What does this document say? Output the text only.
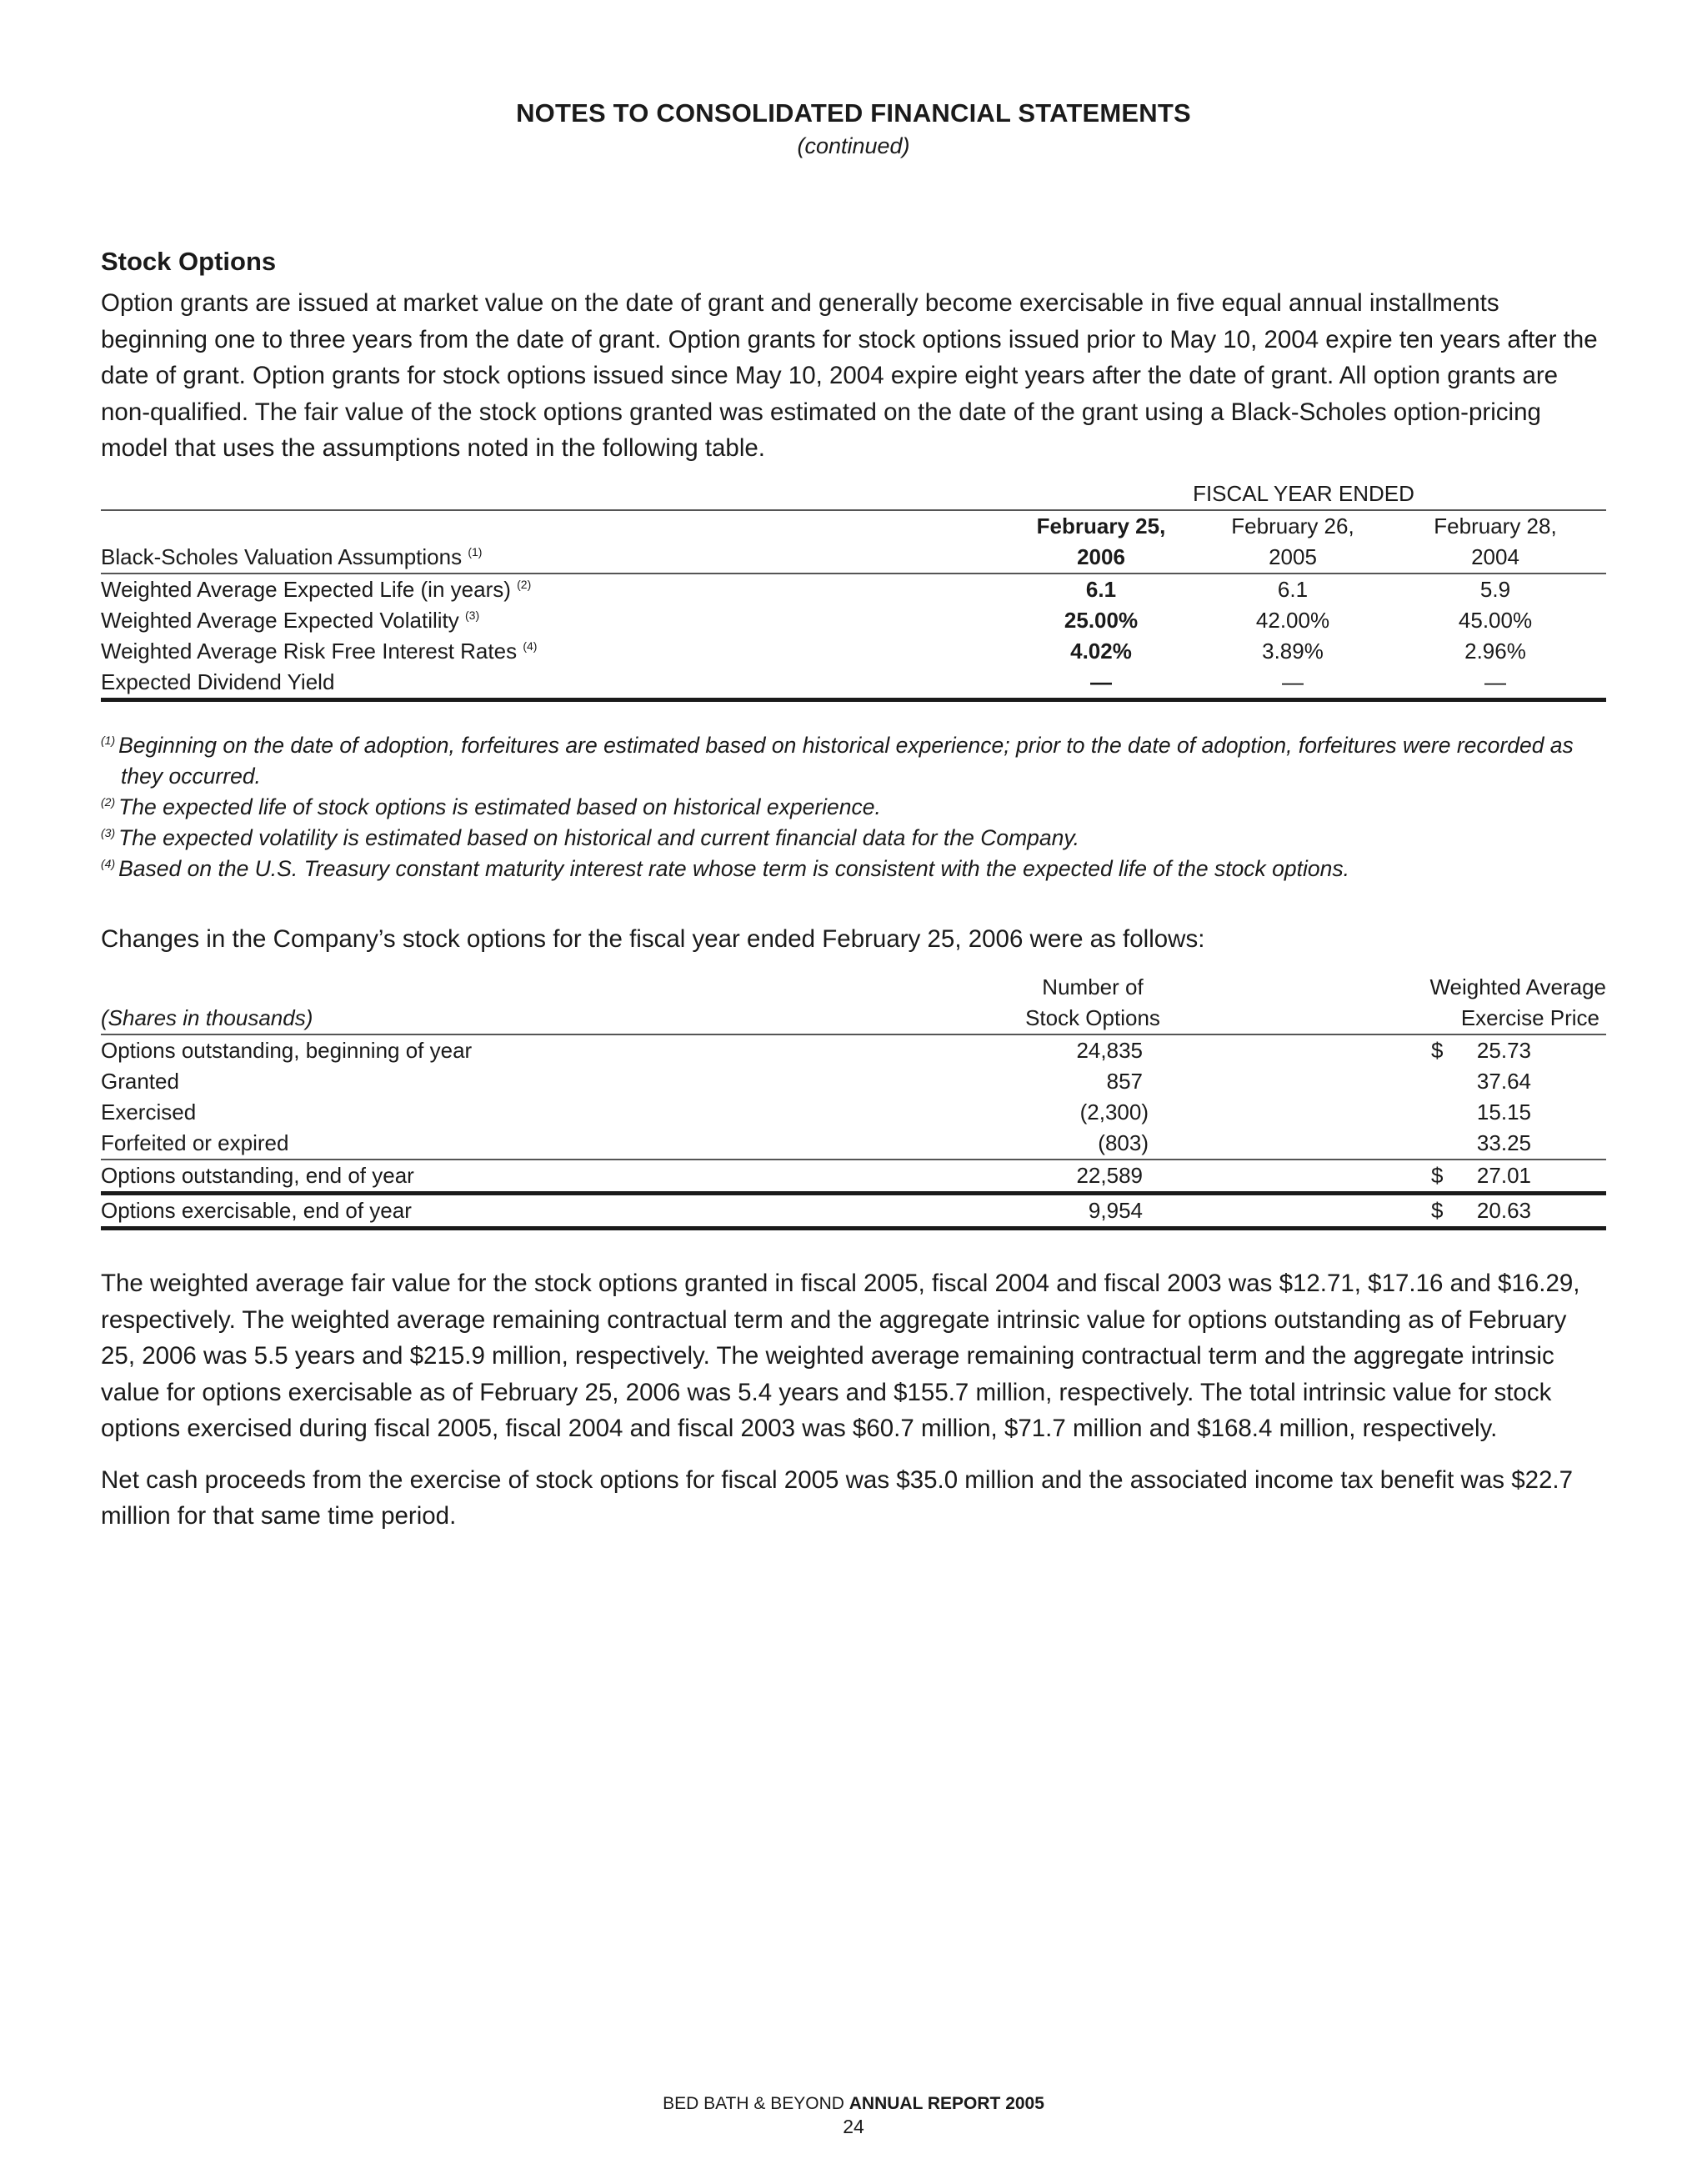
NOTES TO CONSOLIDATED FINANCIAL STATEMENTS
(continued)
Stock Options

Option grants are issued at market value on the date of grant and generally become exercisable in five equal annual installments beginning one to three years from the date of grant. Option grants for stock options issued prior to May 10, 2004 expire ten years after the date of grant. Option grants for stock options issued since May 10, 2004 expire eight years after the date of grant. All option grants are non-qualified. The fair value of the stock options granted was estimated on the date of the grant using a Black-Scholes option-pricing model that uses the assumptions noted in the following table.

	FISCAL YEAR ENDED		
	February 25,	February 26,	February 28,
Black-Scholes Valuation Assumptions $^{(1)}$	2006	2005	2004
Weighted Average Expected Life (in years) $^{(2)}$	6.1	6.1	5.9
Weighted Average Expected Volatility $^{(3)}$	25.00%	42.00%	45.00%
Weighted Average Risk Free Interest Rates $^{(4)}$	4.02%	3.89%	2.96%
Expected Dividend Yield	—	—	—
$^{(1)}$ Beginning on the date of adoption, forfeitures are estimated based on historical experience; prior to the date of adoption, forfeitures were recorded as they occurred.
$^{(2)}$ The expected life of stock options is estimated based on historical experience.
$^{(3)}$ The expected volatility is estimated based on historical and current financial data for the Company.
$^{(4)}$ Based on the U.S. Treasury constant maturity interest rate whose term is consistent with the expected life of the stock options.

Changes in the Company’s stock options for the fiscal year ended February 25, 2006 were as follows:

	Number of	Weighted Average
(Shares in thousands)	Stock Options	Exercise Price
Options outstanding, beginning of year	24,835	$ 25.73
Granted	857	37.64
Exercised	(2,300)	15.15
Forfeited or expired	(803)	33.25
Options outstanding, end of year	22,589	$ 27.01
Options exercisable, end of year	9,954	$ 20.63

The weighted average fair value for the stock options granted in fiscal 2005, fiscal 2004 and fiscal 2003 was $12.71, $17.16 and $16.29, respectively. The weighted average remaining contractual term and the aggregate intrinsic value for options outstanding as of February 25, 2006 was 5.5 years and $215.9 million, respectively. The weighted average remaining contractual term and the aggregate intrinsic value for options exercisable as of February 25, 2006 was 5.4 years and $155.7 million, respectively. The total intrinsic value for stock options exercised during fiscal 2005, fiscal 2004 and fiscal 2003 was $60.7 million, $71.7 million and $168.4 million, respectively.

Net cash proceeds from the exercise of stock options for fiscal 2005 was $35.0 million and the associated income tax benefit was $22.7 million for that same time period.

BED BATH & BEYOND ANNUAL REPORT 2005
24
